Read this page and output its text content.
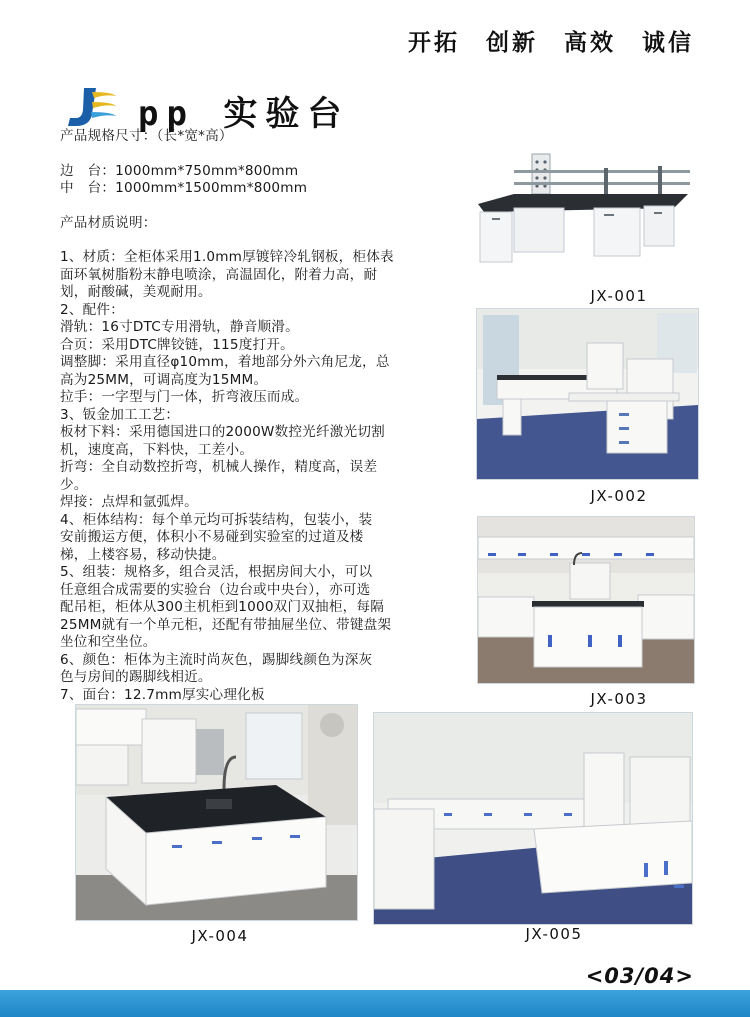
开拓　创新　高效　诚信
pp 实验台

产品规格尺寸：（长*宽*高）

边　台：1000mm*750mm*800mm

中　台：1000mm*1500mm*800mm

产品材质说明：

1、材质：全柜体采用1.0mm厚镀锌冷轧钢板，柜体表

面环氧树脂粉末静电喷涂，高温固化，附着力高，耐

划，耐酸碱，美观耐用。

2、配件：

滑轨：16寸DTC专用滑轨，静音顺滑。

合页：采用DTC牌铰链，115度打开。

调整脚：采用直径φ10mm，着地部分外六角尼龙，总

高为25MM，可调高度为15MM。

拉手：一字型与门一体，折弯液压而成。

3、钣金加工工艺：

板材下料：采用德国进口的2000W数控光纤激光切割

机，速度高，下料快，工差小。

折弯：全自动数控折弯，机械人操作，精度高，误差

少。

焊接：点焊和氩弧焊。

4、柜体结构：每个单元均可拆装结构，包装小，装

安前搬运方便，体积小不易碰到实验室的过道及楼

梯，上楼容易，移动快捷。

5、组装：规格多，组合灵活，根据房间大小，可以

任意组合成需要的实验台（边台或中央台），亦可选

配吊柜，柜体从300主机柜到1000双门双抽柜，每隔

25MM就有一个单元柜，还配有带抽屉坐位、带键盘架

坐位和空坐位。

6、颜色：柜体为主流时尚灰色，踢脚线颜色为深灰

色与房间的踢脚线相近。

7、面台：12.7mm厚实心理化板

JX-001
JX-002
JX-003
JX-004	JX-005
<03/04>
